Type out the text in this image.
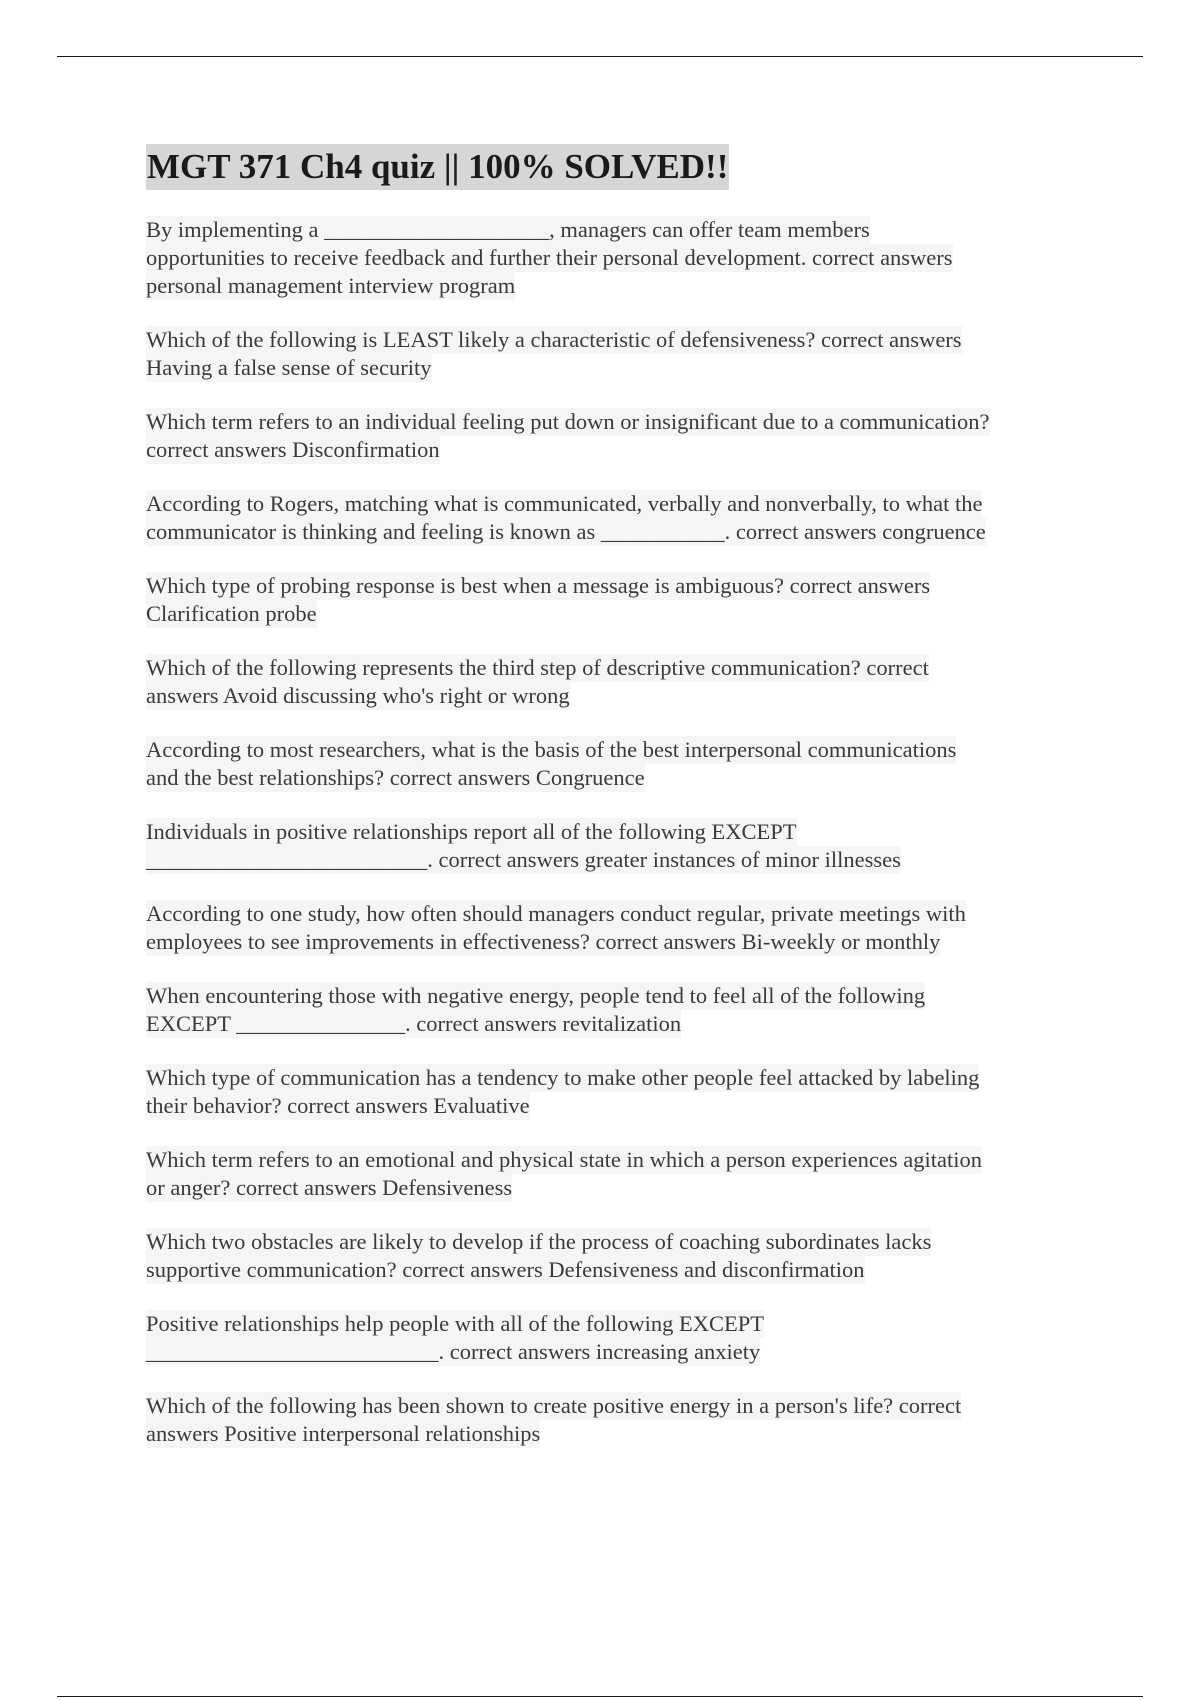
MGT 371 Ch4 quiz || 100% SOLVED!!

By implementing a ____________________, managers can offer team members
opportunities to receive feedback and further their personal development. correct answers
personal management interview program

Which of the following is LEAST likely a characteristic of defensiveness? correct answers
Having a false sense of security

Which term refers to an individual feeling put down or insignificant due to a communication?
correct answers Disconfirmation

According to Rogers, matching what is communicated, verbally and nonverbally, to what the
communicator is thinking and feeling is known as ___________. correct answers congruence

Which type of probing response is best when a message is ambiguous? correct answers
Clarification probe

Which of the following represents the third step of descriptive communication? correct
answers Avoid discussing who's right or wrong

According to most researchers, what is the basis of the best interpersonal communications
and the best relationships? correct answers Congruence

Individuals in positive relationships report all of the following EXCEPT
_________________________. correct answers greater instances of minor illnesses

According to one study, how often should managers conduct regular, private meetings with
employees to see improvements in effectiveness? correct answers Bi-weekly or monthly

When encountering those with negative energy, people tend to feel all of the following
EXCEPT _______________. correct answers revitalization

Which type of communication has a tendency to make other people feel attacked by labeling
their behavior? correct answers Evaluative

Which term refers to an emotional and physical state in which a person experiences agitation
or anger? correct answers Defensiveness

Which two obstacles are likely to develop if the process of coaching subordinates lacks
supportive communication? correct answers Defensiveness and disconfirmation

Positive relationships help people with all of the following EXCEPT
__________________________. correct answers increasing anxiety

Which of the following has been shown to create positive energy in a person's life? correct
answers Positive interpersonal relationships
